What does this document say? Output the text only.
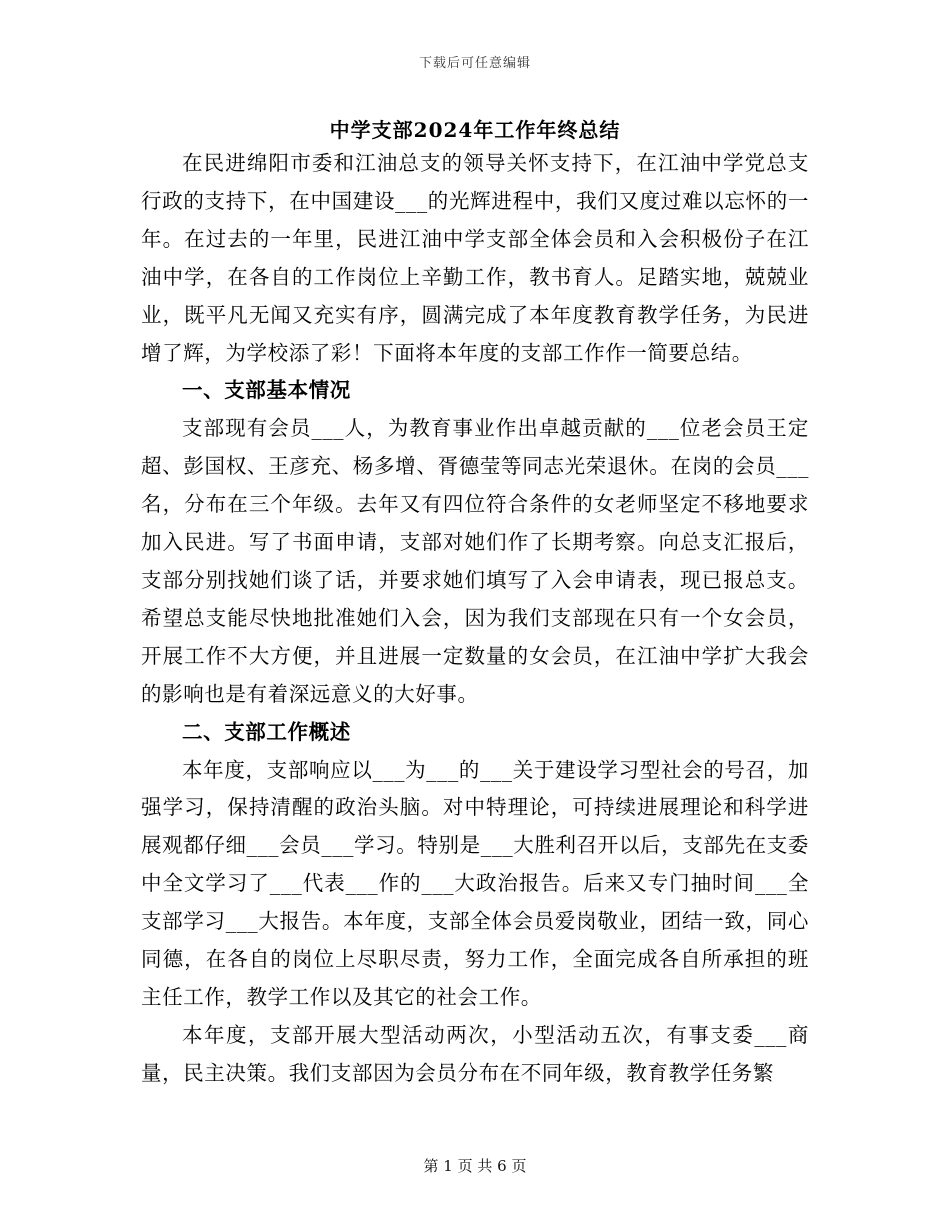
下载后可任意编辑
中学支部2024年工作年终总结

在民进绵阳市委和江油总支的领导关怀支持下，在江油中学党总支行政的支持下，在中国建设___的光辉进程中，我们又度过难以忘怀的一年。在过去的一年里，民进江油中学支部全体会员和入会积极份子在江油中学，在各自的工作岗位上辛勤工作，教书育人。足踏实地，兢兢业业，既平凡无闻又充实有序，圆满完成了本年度教育教学任务，为民进增了辉，为学校添了彩！下面将本年度的支部工作作一简要总结。

一、支部基本情况

支部现有会员___人，为教育事业作出卓越贡献的___位老会员王定超、彭国权、王彦充、杨多增、胥德莹等同志光荣退休。在岗的会员___名，分布在三个年级。去年又有四位符合条件的女老师坚定不移地要求加入民进。写了书面申请，支部对她们作了长期考察。向总支汇报后，支部分别找她们谈了话，并要求她们填写了入会申请表，现已报总支。希望总支能尽快地批准她们入会，因为我们支部现在只有一个女会员，开展工作不大方便，并且进展一定数量的女会员，在江油中学扩大我会的影响也是有着深远意义的大好事。

二、支部工作概述

本年度，支部响应以___为___的___关于建设学习型社会的号召，加强学习，保持清醒的政治头脑。对中特理论，可持续进展理论和科学进展观都仔细___会员___学习。特别是___大胜利召开以后，支部先在支委中全文学习了___代表___作的___大政治报告。后来又专门抽时间___全支部学习___大报告。本年度，支部全体会员爱岗敬业，团结一致，同心同德，在各自的岗位上尽职尽责，努力工作，全面完成各自所承担的班主任工作，教学工作以及其它的社会工作。

本年度，支部开展大型活动两次，小型活动五次，有事支委___商量，民主决策。我们支部因为会员分布在不同年级，教育教学任务繁

第 1 页 共 6 页
